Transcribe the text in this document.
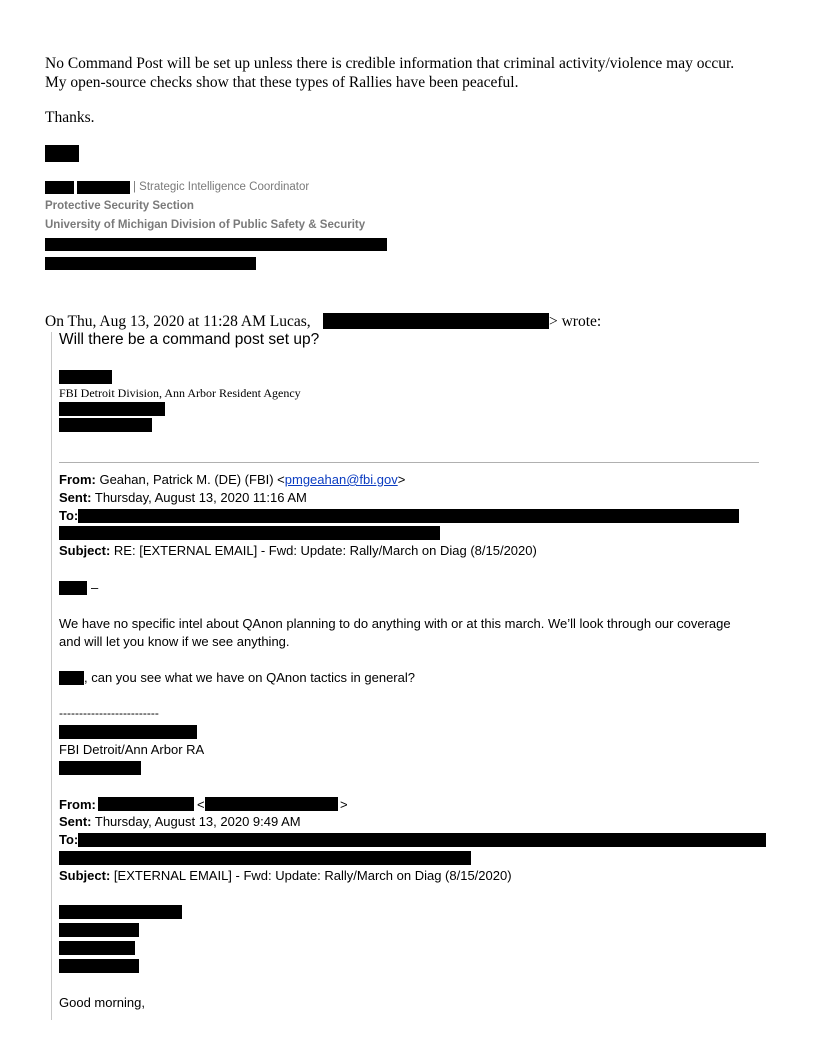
No Command Post will be set up unless there is credible information that criminal activity/violence may occur.
My open-source checks show that these types of Rallies have been peaceful.
Thanks.
| Strategic Intelligence Coordinator
Protective Security Section
University of Michigan Division of Public Safety & Security
On Thu, Aug 13, 2020 at 11:28 AM Lucas,	> wrote:
Will there be a command post set up?
FBI Detroit Division, Ann Arbor Resident Agency
From: Geahan, Patrick M. (DE) (FBI) <pmgeahan@fbi.gov>
Sent: Thursday, August 13, 2020 11:16 AM
To:
Subject: RE: [EXTERNAL EMAIL] - Fwd: Update: Rally/March on Diag (8/15/2020)
–
We have no specific intel about QAnon planning to do anything with or at this march. We’ll look through our coverage
and will let you know if we see anything.
, can you see what we have on QAnon tactics in general?
-------------------------
FBI Detroit/Ann Arbor RA
From:	<	>
Sent: Thursday, August 13, 2020 9:49 AM
To:
Subject: [EXTERNAL EMAIL] - Fwd: Update: Rally/March on Diag (8/15/2020)
Good morning,
